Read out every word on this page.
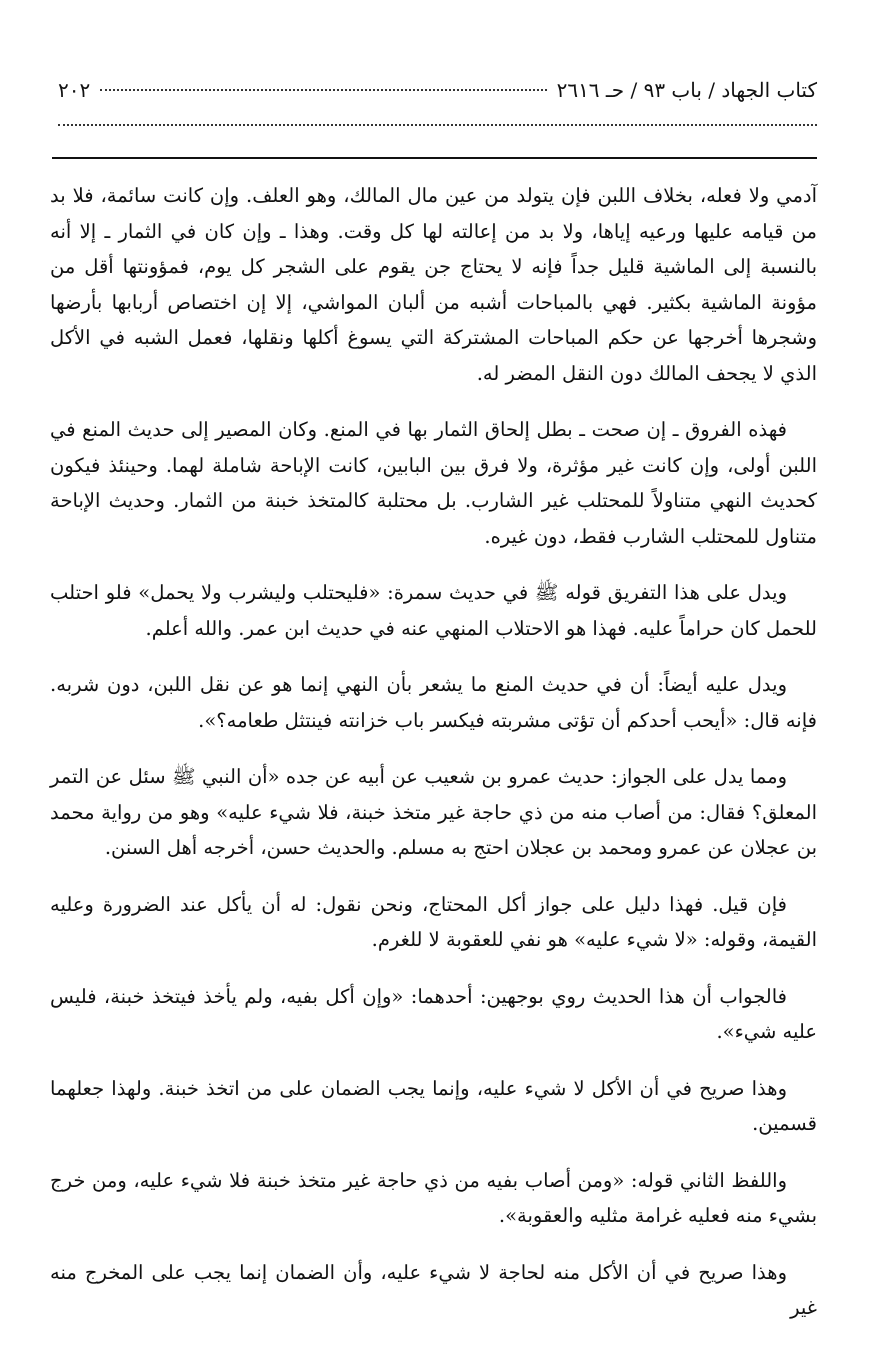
٢٠٢	كتاب الجهاد / باب ٩٣ / حـ ٢٦١٦

آدمي ولا فعله، بخلاف اللبن فإن يتولد من عين مال المالك، وهو العلف. وإن كانت سائمة، فلا بد من قيامه عليها ورعيه إياها، ولا بد من إعالته لها كل وقت. وهذا ـ وإن كان في الثمار ـ إلا أنه بالنسبة إلى الماشية قليل جداً فإنه لا يحتاج جن يقوم على الشجر كل يوم، فمؤونتها أقل من مؤونة الماشية بكثير. فهي بالمباحات أشبه من ألبان المواشي، إلا إن اختصاص أربابها بأرضها وشجرها أخرجها عن حكم المباحات المشتركة التي يسوغ أكلها ونقلها، فعمل الشبه في الأكل الذي لا يجحف المالك دون النقل المضر له.

فهذه الفروق ـ إن صحت ـ بطل إلحاق الثمار بها في المنع. وكان المصير إلى حديث المنع في اللبن أولى، وإن كانت غير مؤثرة، ولا فرق بين البابين، كانت الإباحة شاملة لهما. وحينئذ فيكون كحديث النهي متناولاً للمحتلب غير الشارب. بل محتلبة كالمتخذ خبنة من الثمار. وحديث الإباحة متناول للمحتلب الشارب فقط، دون غيره.

ويدل على هذا التفريق قوله ﷺ في حديث سمرة: «فليحتلب وليشرب ولا يحمل» فلو احتلب للحمل كان حراماً عليه. فهذا هو الاحتلاب المنهي عنه في حديث ابن عمر. والله أعلم.

ويدل عليه أيضاً: أن في حديث المنع ما يشعر بأن النهي إنما هو عن نقل اللبن، دون شربه. فإنه قال: «أيحب أحدكم أن تؤتى مشربته فيكسر باب خزانته فينتثل طعامه؟».

ومما يدل على الجواز: حديث عمرو بن شعيب عن أبيه عن جده «أن النبي ﷺ سئل عن التمر المعلق؟ فقال: من أصاب منه من ذي حاجة غير متخذ خبنة، فلا شيء عليه» وهو من رواية محمد بن عجلان عن عمرو ومحمد بن عجلان احتج به مسلم. والحديث حسن، أخرجه أهل السنن.

فإن قيل. فهذا دليل على جواز أكل المحتاج، ونحن نقول: له أن يأكل عند الضرورة وعليه القيمة، وقوله: «لا شيء عليه» هو نفي للعقوبة لا للغرم.

فالجواب أن هذا الحديث روي بوجهين: أحدهما: «وإن أكل بفيه، ولم يأخذ فيتخذ خبنة، فليس عليه شيء».

وهذا صريح في أن الأكل لا شيء عليه، وإنما يجب الضمان على من اتخذ خبنة. ولهذا جعلهما قسمين.

واللفظ الثاني قوله: «ومن أصاب بفيه من ذي حاجة غير متخذ خبنة فلا شيء عليه، ومن خرج بشيء منه فعليه غرامة مثليه والعقوبة».

وهذا صريح في أن الأكل منه لحاجة لا شيء عليه، وأن الضمان إنما يجب على المخرج منه غير
